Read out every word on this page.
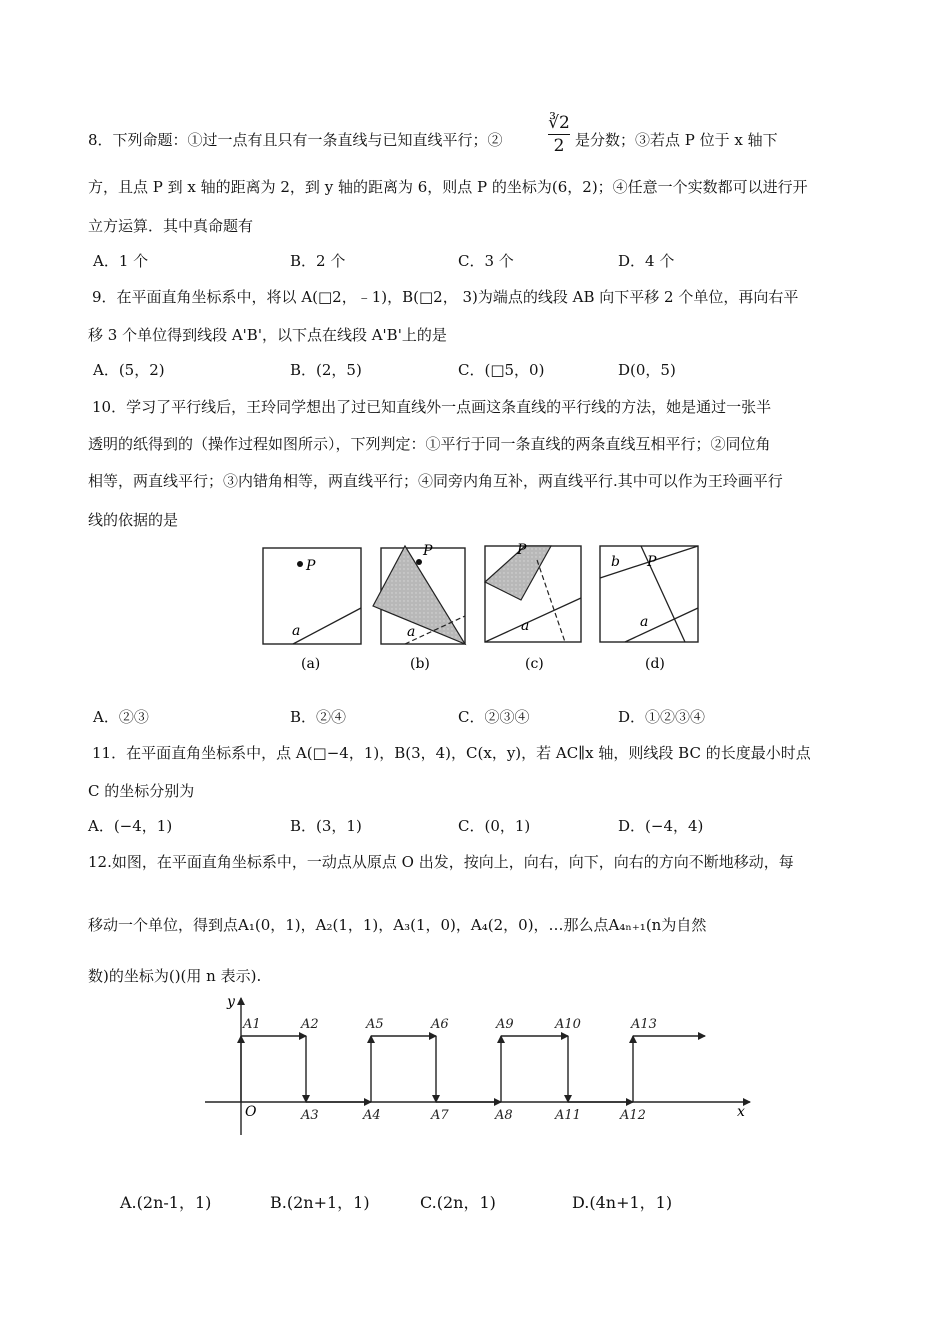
8．下列命题：①过一点有且只有一条直线与已知直线平行；②	$\frac{∛2}{2}$ 是分数；③若点 P 位于 x 轴下
方，且点 P 到 x 轴的距离为 2，到 y 轴的距离为 6，则点 P 的坐标为(6，2)；④任意一个实数都可以进行开
立方运算．其中真命题有
A．1 个	B．2 个	C．3 个	D．4 个
9．在平面直角坐标系中，将以 A(□2，﹣1)，B(□2， 3)为端点的线段 AB 向下平移 2 个单位，再向右平
移 3 个单位得到线段 A'B'，以下点在线段 A'B'上的是
A．(5，2)	B．(2，5)	C．(□5，0)	D(0，5)
10．学习了平行线后，王玲同学想出了过已知直线外一点画这条直线的平行线的方法，她是通过一张半
透明的纸得到的（操作过程如图所示），下列判定：①平行于同一条直线的两条直线互相平行；②同位角
相等，两直线平行；③内错角相等，两直线平行；④同旁内角互补，两直线平行.其中可以作为王玲画平行
线的依据的是
P
a
(a)
P
a
(b)
P
a
(c)
b P
a
(d)
A．②③	B．②④	C．②③④	D．①②③④
11．在平面直角坐标系中，点 A(□−4，1)，B(3，4)，C(x，y)，若 AC∥x 轴，则线段 BC 的长度最小时点
C 的坐标分别为
A．(−4，1)	B．(3，1)	C．(0，1)	D．(−4，4)
12.如图，在平面直角坐标系中，一动点从原点 O 出发，按向上，向右，向下，向右的方向不断地移动，每
移动一个单位，得到点A₁(0，1)，A₂(1，1)，A₃(1，0)，A₄(2，0)，…那么点A₄ₙ₊₁(n为自然
数)的坐标为()(用 n 表示).
y
x
O
A1	A2	A5	A6	A9	A10	A13
A3	A4	A7	A8	A11	A12
A.(2n-1，1)	B.(2n+1，1)	C.(2n，1)	D.(4n+1，1)
